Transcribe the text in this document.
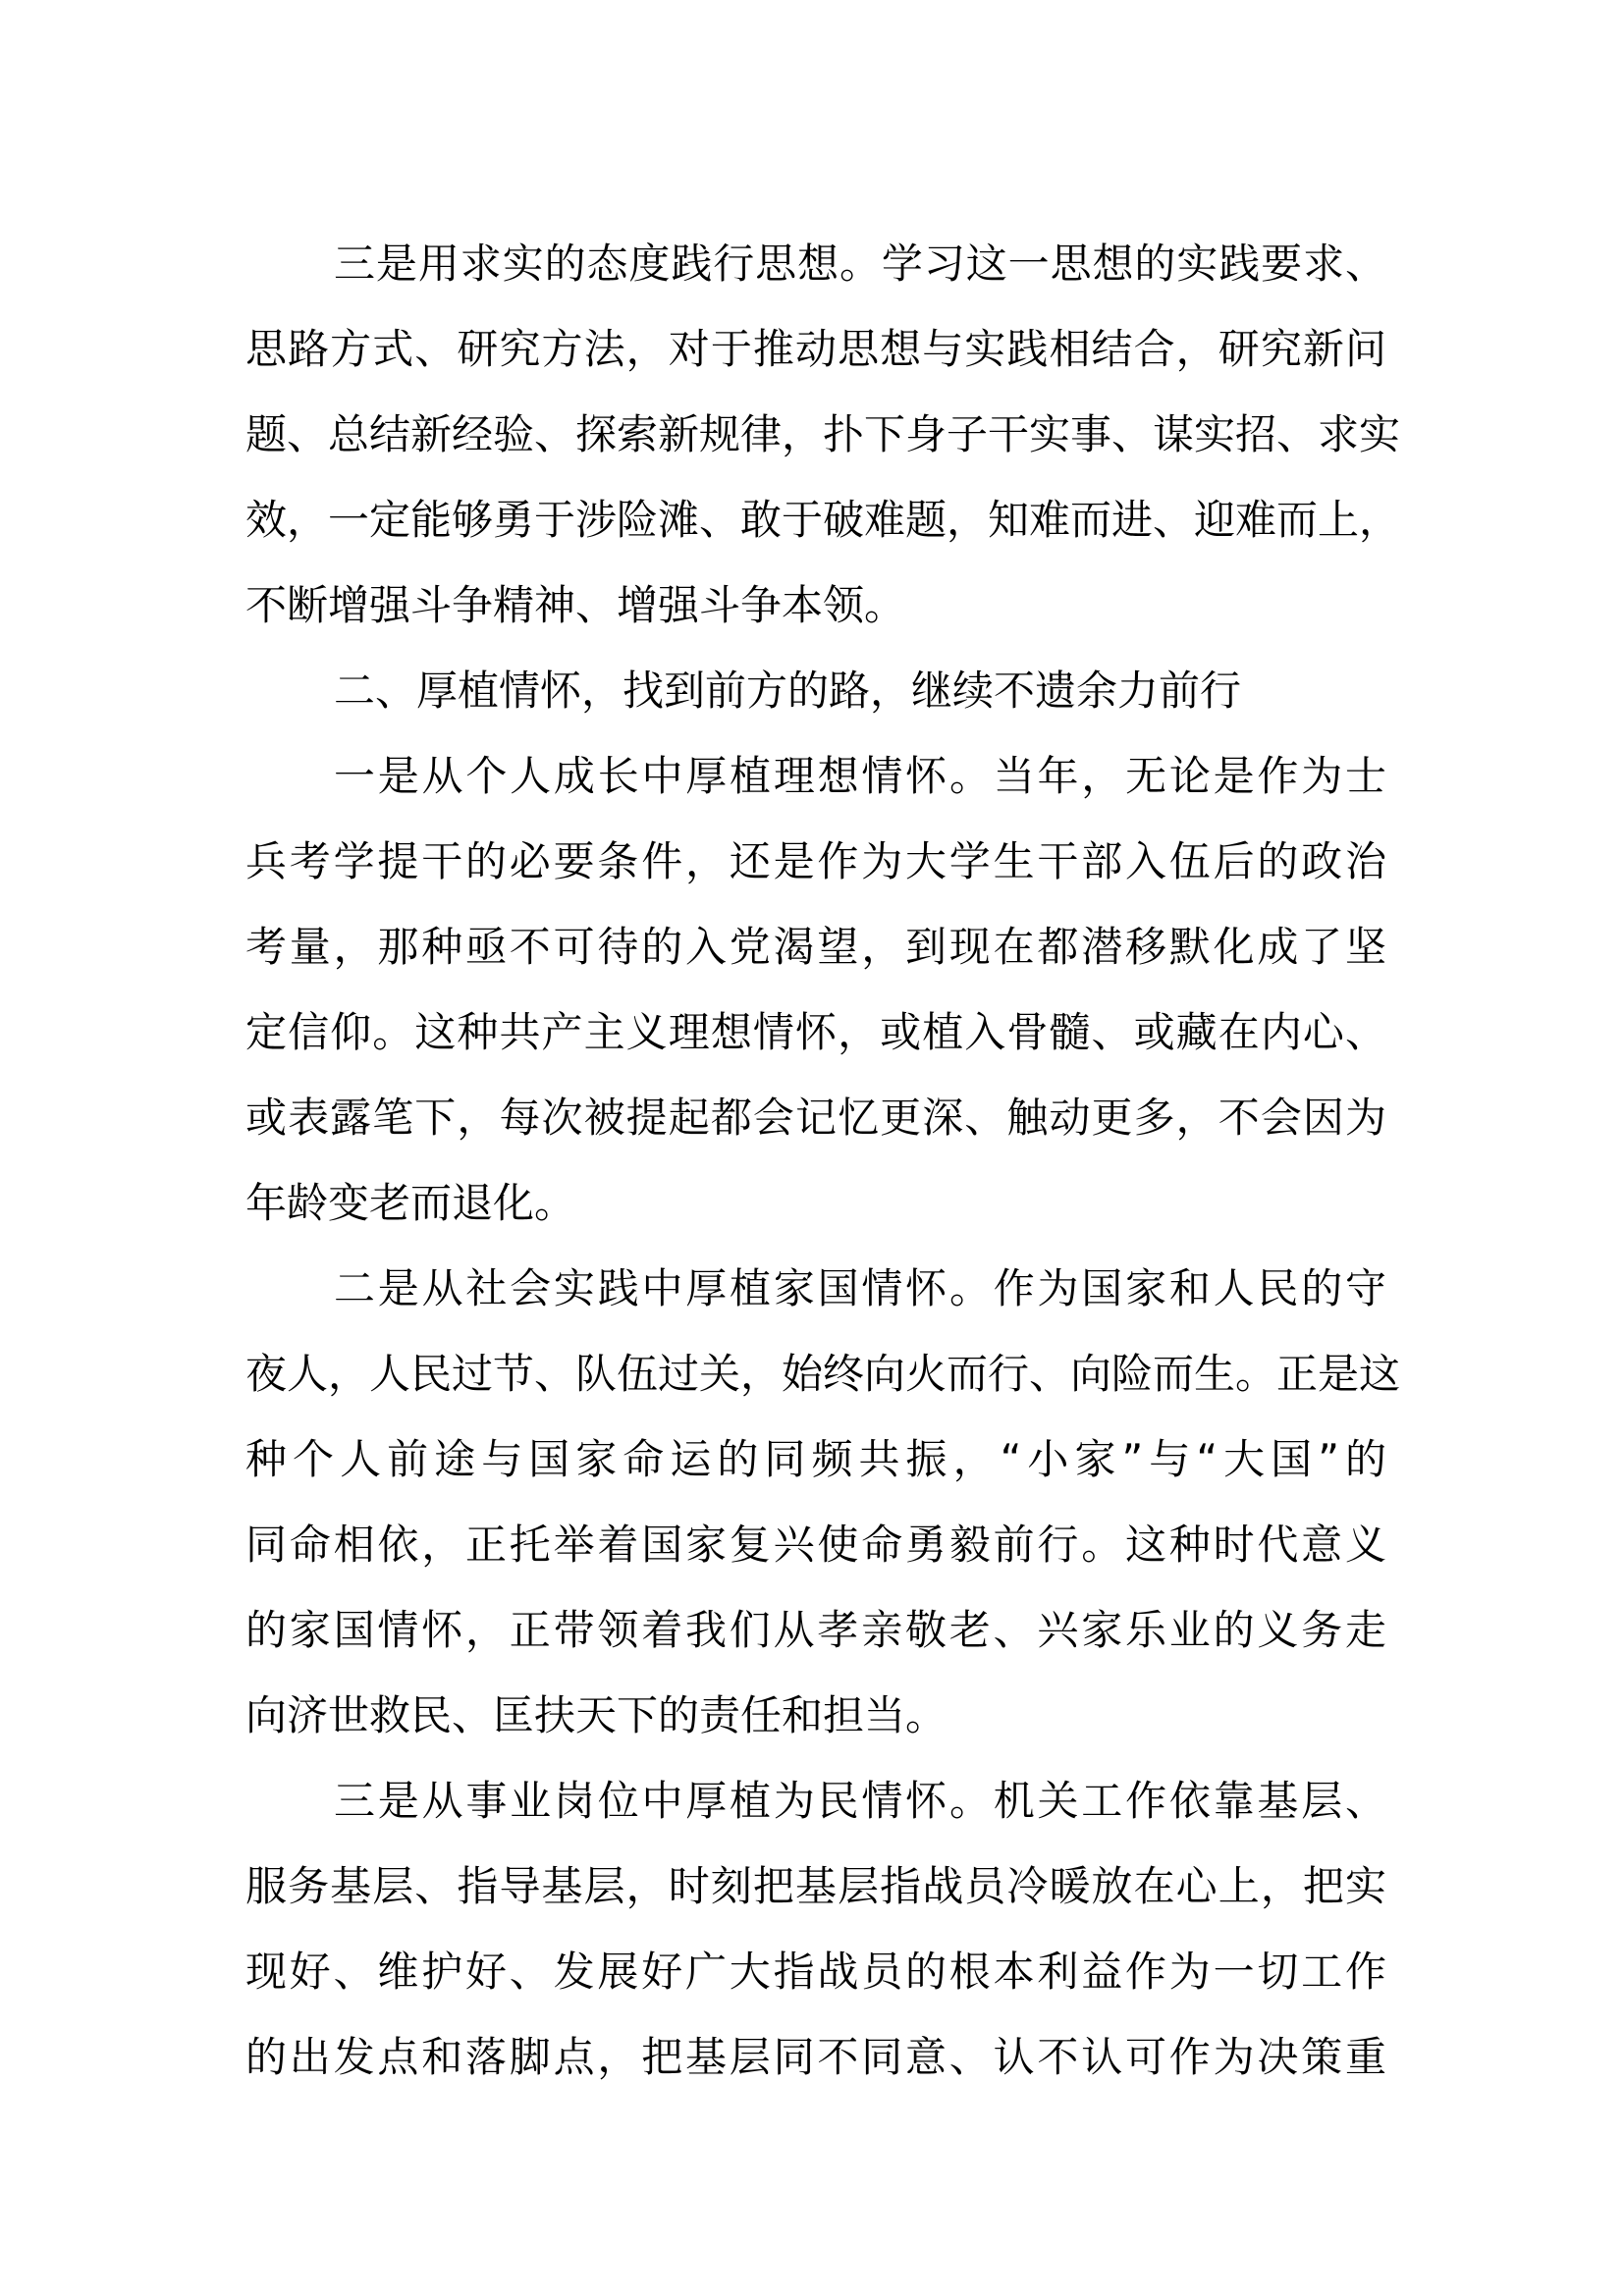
三是用求实的态度践行思想。学习这一思想的实践要求、
思路方式、研究方法，对于推动思想与实践相结合，研究新问
题、总结新经验、探索新规律，扑下身子干实事、谋实招、求实
效，一定能够勇于涉险滩、敢于破难题，知难而进、迎难而上，
不断增强斗争精神、增强斗争本领。
二、厚植情怀，找到前方的路，继续不遗余力前行
一是从个人成长中厚植理想情怀。当年，无论是作为士
兵考学提干的必要条件，还是作为大学生干部入伍后的政治
考量，那种亟不可待的入党渴望，到现在都潜移默化成了坚
定信仰。这种共产主义理想情怀，或植入骨髓、或藏在内心、
或表露笔下，每次被提起都会记忆更深、触动更多，不会因为
年龄变老而退化。
二是从社会实践中厚植家国情怀。作为国家和人民的守
夜人，人民过节、队伍过关，始终向火而行、向险而生。正是这
种个人前途与国家命运的同频共振，“小家”与“大国”的
同命相依，正托举着国家复兴使命勇毅前行。这种时代意义
的家国情怀，正带领着我们从孝亲敬老、兴家乐业的义务走
向济世救民、匡扶天下的责任和担当。
三是从事业岗位中厚植为民情怀。机关工作依靠基层、
服务基层、指导基层，时刻把基层指战员冷暖放在心上，把实
现好、维护好、发展好广大指战员的根本利益作为一切工作
的出发点和落脚点，把基层同不同意、认不认可作为决策重
